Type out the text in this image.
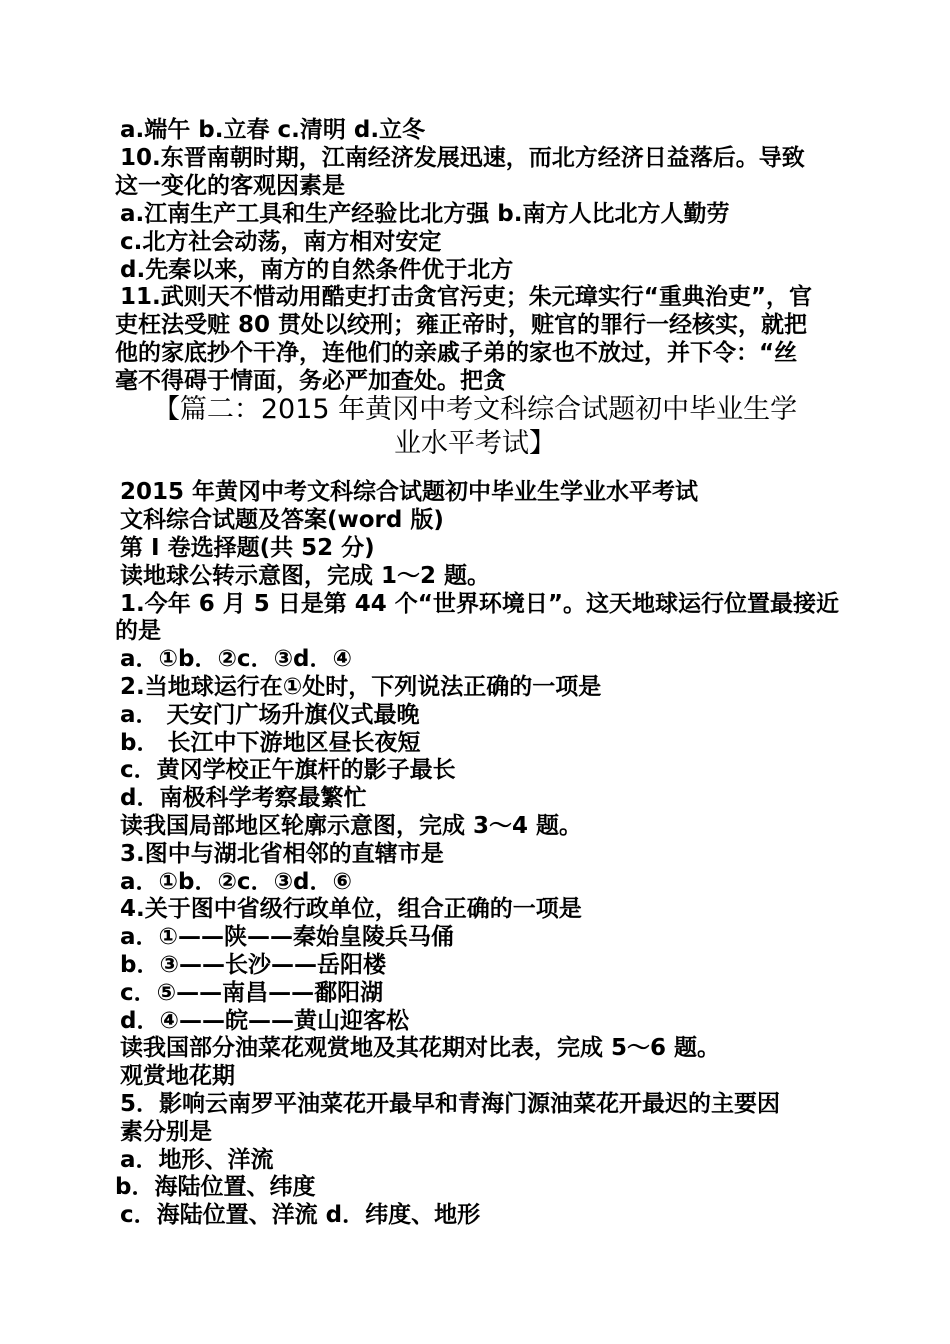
a.端午 b.立春 c.清明 d.立冬
10.东晋南朝时期，江南经济发展迅速，而北方经济日益落后。导致
这一变化的客观因素是
a.江南生产工具和生产经验比北方强 b.南方人比北方人勤劳
c.北方社会动荡，南方相对安定
d.先秦以来，南方的自然条件优于北方
11.武则天不惜动用酷吏打击贪官污吏；朱元璋实行“重典治吏”，官
吏枉法受赃 80 贯处以绞刑；雍正帝时，赃官的罪行一经核实，就把
他的家底抄个干净，连他们的亲戚子弟的家也不放过，并下令：“丝
毫不得碍于情面，务必严加查处。把贪
【篇二：2015 年黄冈中考文科综合试题初中毕业生学
业水平考试】
2015 年黄冈中考文科综合试题初中毕业生学业水平考试
文科综合试题及答案(word 版)
第 I 卷选择题(共 52 分)
读地球公转示意图，完成 1～2 题。
1.今年 6 月 5 日是第 44 个“世界环境日”。这天地球运行位置最接近
的是
a．①b．②c．③d．④
2.当地球运行在①处时，下列说法正确的一项是
a． 天安门广场升旗仪式最晚
b． 长江中下游地区昼长夜短
c．黄冈学校正午旗杆的影子最长
d．南极科学考察最繁忙
读我国局部地区轮廓示意图，完成 3～4 题。
3.图中与湖北省相邻的直辖市是
a．①b．②c．③d．⑥
4.关于图中省级行政单位，组合正确的一项是
a．①——陕——秦始皇陵兵马俑
b．③——长沙——岳阳楼
c．⑤——南昌——鄱阳湖
d．④——皖——黄山迎客松
读我国部分油菜花观赏地及其花期对比表，完成 5～6 题。
观赏地花期
5．影响云南罗平油菜花开最早和青海门源油菜花开最迟的主要因
素分别是
a．地形、洋流
b．海陆位置、纬度
c．海陆位置、洋流 d．纬度、地形
